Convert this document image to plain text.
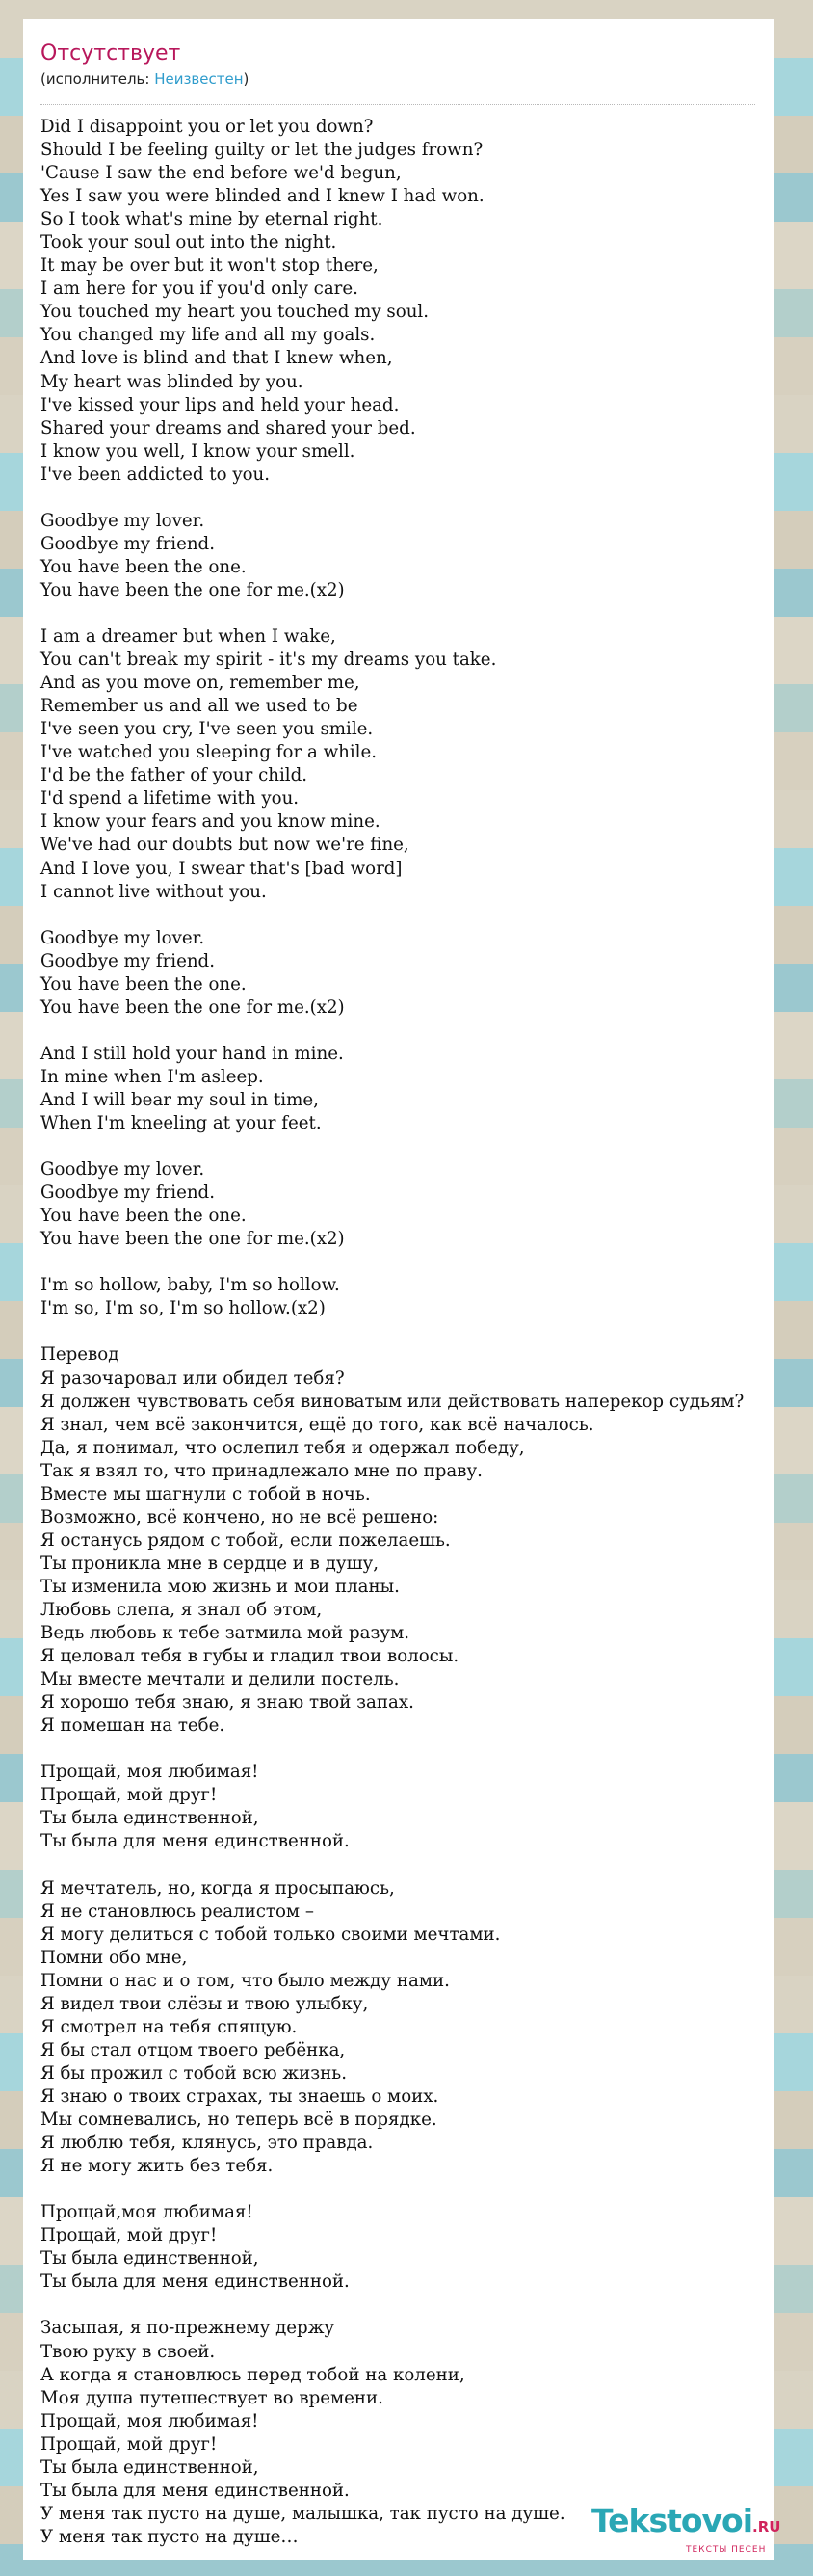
Отсутствует
(исполнитель: Неизвестен)
Did I disappoint you or let you down?
Should I be feeling guilty or let the judges frown?
'Cause I saw the end before we'd begun,
Yes I saw you were blinded and I knew I had won.
So I took what's mine by eternal right.
Took your soul out into the night.
It may be over but it won't stop there,
I am here for you if you'd only care.
You touched my heart you touched my soul.
You changed my life and all my goals.
And love is blind and that I knew when,
My heart was blinded by you.
I've kissed your lips and held your head.
Shared your dreams and shared your bed.
I know you well, I know your smell.
I've been addicted to you.
Goodbye my lover.
Goodbye my friend.
You have been the one.
You have been the one for me.(x2)
I am a dreamer but when I wake,
You can't break my spirit - it's my dreams you take.
And as you move on, remember me,
Remember us and all we used to be
I've seen you cry, I've seen you smile.
I've watched you sleeping for a while.
I'd be the father of your child.
I'd spend a lifetime with you.
I know your fears and you know mine.
We've had our doubts but now we're fine,
And I love you, I swear that's [bad word]
I cannot live without you.
Goodbye my lover.
Goodbye my friend.
You have been the one.
You have been the one for me.(x2)
And I still hold your hand in mine.
In mine when I'm asleep.
And I will bear my soul in time,
When I'm kneeling at your feet.
Goodbye my lover.
Goodbye my friend.
You have been the one.
You have been the one for me.(x2)
I'm so hollow, baby, I'm so hollow.
I'm so, I'm so, I'm so hollow.(x2)
Перевод
Я разочаровал или обидел тебя?
Я должен чувствовать себя виноватым или действовать наперекор судьям?
Я знал, чем всё закончится, ещё до того, как всё началось.
Да, я понимал, что ослепил тебя и одержал победу,
Так я взял то, что принадлежало мне по праву.
Вместе мы шагнули с тобой в ночь.
Возможно, всё кончено, но не всё решено:
Я останусь рядом с тобой, если пожелаешь.
Ты проникла мне в сердце и в душу,
Ты изменила мою жизнь и мои планы.
Любовь слепа, я знал об этом,
Ведь любовь к тебе затмила мой разум.
Я целовал тебя в губы и гладил твои волосы.
Мы вместе мечтали и делили постель.
Я хорошо тебя знаю, я знаю твой запах.
Я помешан на тебе.
Прощай, моя любимая!
Прощай, мой друг!
Ты была единственной,
Ты была для меня единственной.
Я мечтатель, но, когда я просыпаюсь,
Я не становлюсь реалистом –
Я могу делиться с тобой только своими мечтами.
Помни обо мне,
Помни о нас и о том, что было между нами.
Я видел твои слёзы и твою улыбку,
Я смотрел на тебя спящую.
Я бы стал отцом твоего ребёнка,
Я бы прожил с тобой всю жизнь.
Я знаю о твоих страхах, ты знаешь о моих.
Мы сомневались, но теперь всё в порядке.
Я люблю тебя, клянусь, это правда.
Я не могу жить без тебя.
Прощай,моя любимая!
Прощай, мой друг!
Ты была единственной,
Ты была для меня единственной.
Засыпая, я по-прежнему держу
Твою руку в своей.
А когда я становлюсь перед тобой на колени,
Моя душа путешествует во времени.
Прощай, моя любимая!
Прощай, мой друг!
Ты была единственной,
Ты была для меня единственной.
У меня так пусто на душе, малышка, так пусто на душе.
У меня так пусто на душе…	Tekstovoi.RU
ТЕКСТЫ ПЕСЕН
